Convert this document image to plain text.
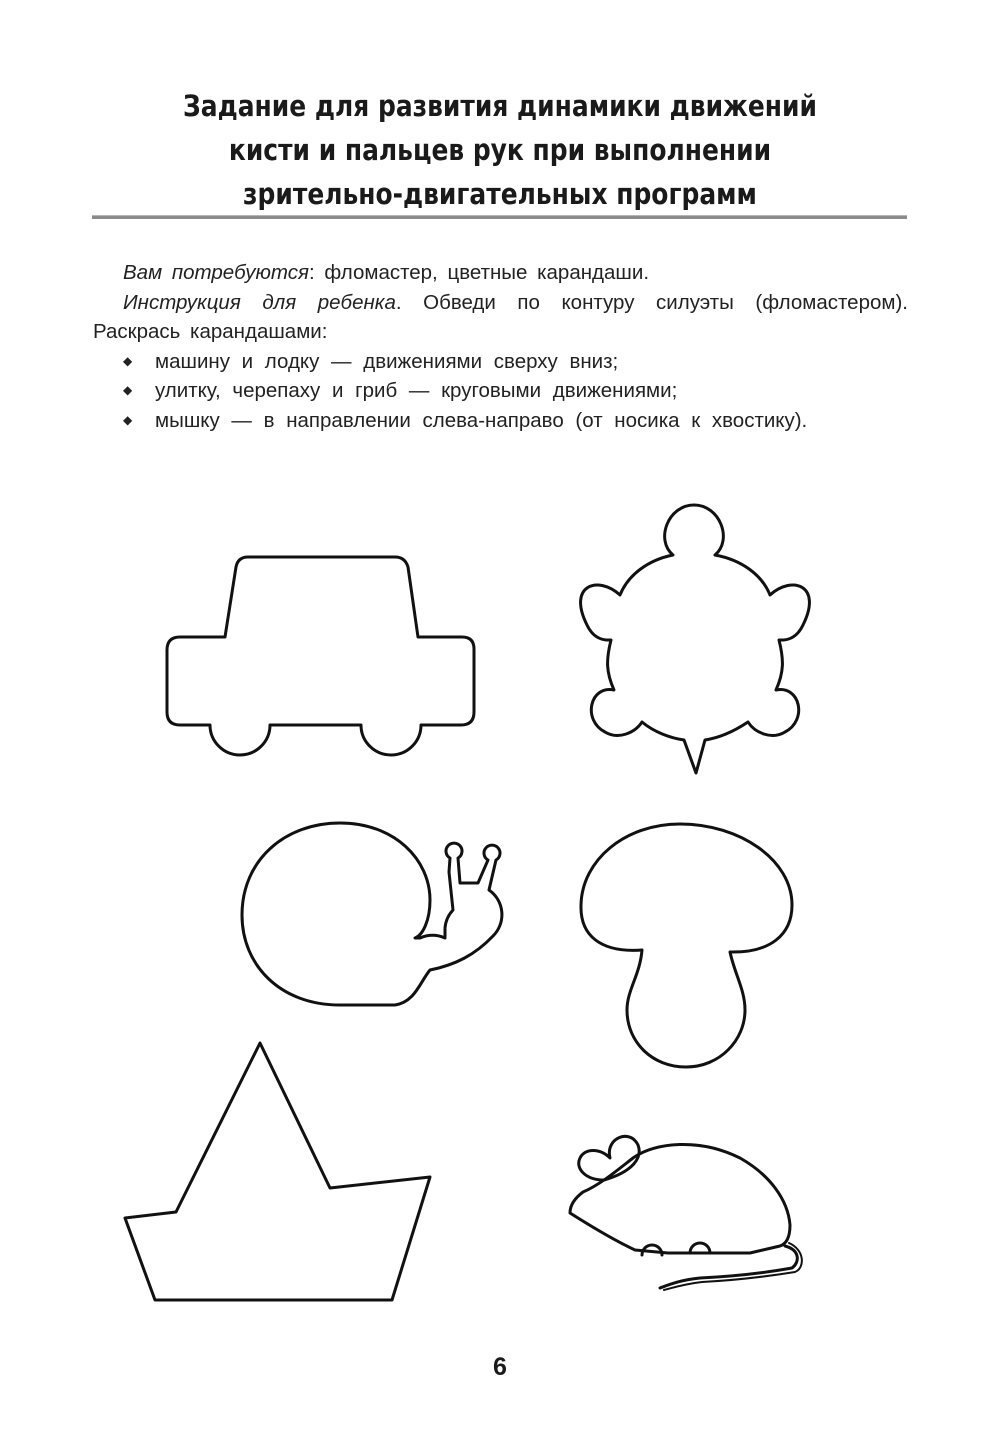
Задание для развития динамики движений
кисти и пальцев рук при выполнении
зрительно-двигательных программ
Вам потребуются: фломастер, цветные карандаши.
Инструкция для ребенка. Обведи по контуру силуэты (фломастером). Раскрась карандашами:
◆ машину и лодку — движениями сверху вниз;
◆ улитку, черепаху и гриб — круговыми движениями;
◆ мышку — в направлении слева-направо (от носика к хвостику).
6
